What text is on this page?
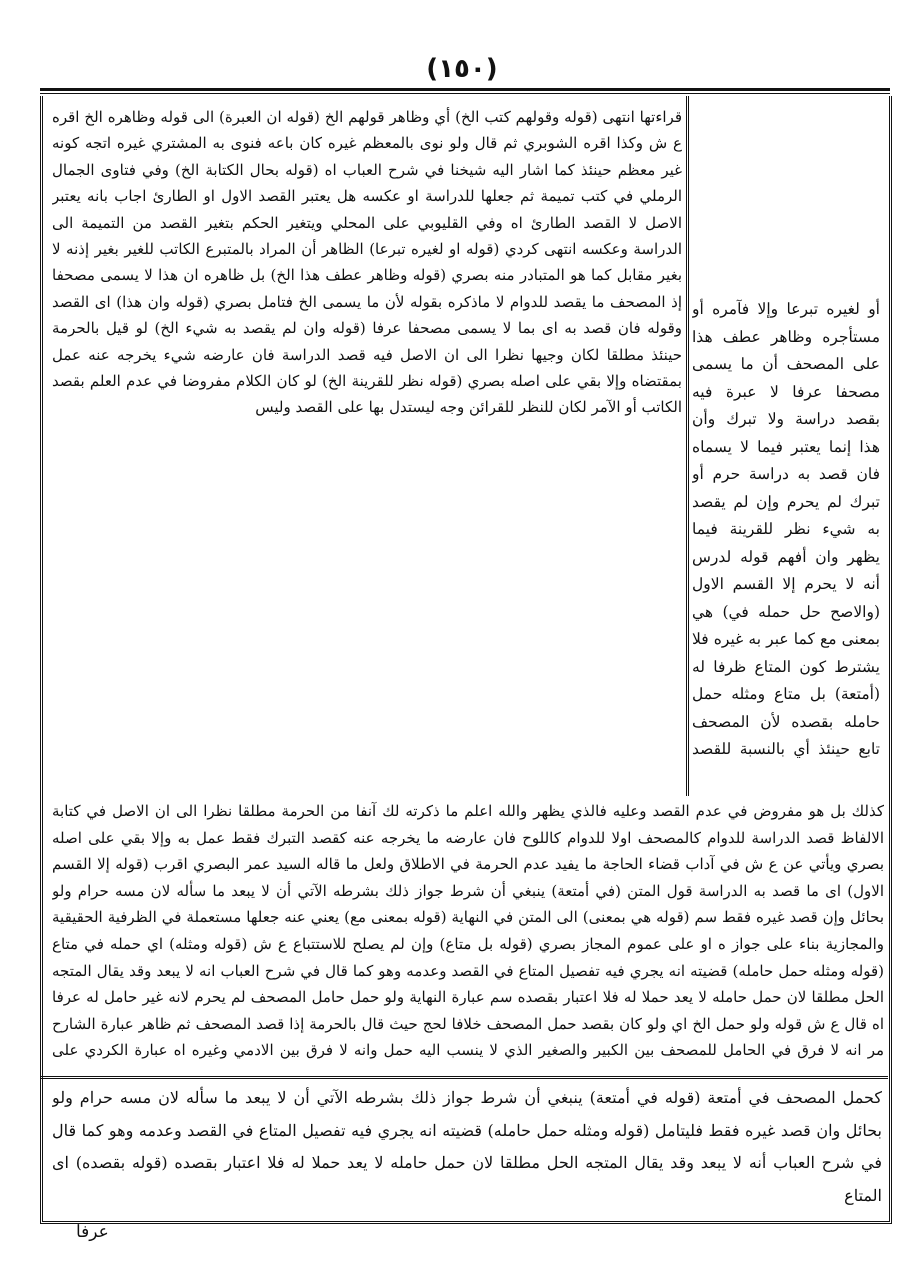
(١٥٠)
قراءتها انتهى (قوله وقولهم كتب الخ) أي وظاهر قولهم الخ (قوله ان العبرة) الى قوله وظاهره الخ اقره ع ش وكذا اقره الشوبري ثم قال ولو نوى بالمعظم غيره كان باعه فنوى به المشتري غيره اتجه كونه غير معظم حينئذ كما اشار اليه شيخنا في شرح العباب اه (قوله بحال الكتابة الخ) وفي فتاوى الجمال الرملي في كتب تميمة ثم جعلها للدراسة او عكسه هل يعتبر القصد الاول او الطارئ اجاب بانه يعتبر الاصل لا القصد الطارئ اه وفي القليوبي على المحلي ويتغير الحكم بتغير القصد من التميمة الى الدراسة وعكسه انتهى كردي (قوله او لغيره تبرعا) الظاهر أن المراد بالمتبرع الكاتب للغير بغير إذنه لا بغير مقابل كما هو المتبادر منه بصري (قوله وظاهر عطف هذا الخ) بل ظاهره ان هذا لا يسمى مصحفا إذ المصحف ما يقصد للدوام لا ماذكره بقوله لأن ما يسمى الخ فتامل بصري (قوله وان هذا) اى القصد وقوله فان قصد به اى بما لا يسمى مصحفا عرفا (قوله وان لم يقصد به شيء الخ) لو قيل بالحرمة حينئذ مطلقا لكان وجيها نظرا الى ان الاصل فيه قصد الدراسة فان عارضه شيء يخرجه عنه عمل بمقتضاه وإلا بقي على اصله بصري (قوله نظر للقرينة الخ) لو كان الكلام مفروضا في عدم العلم بقصد الكاتب أو الآمر لكان للنظر للقرائن وجه ليستدل بها على القصد وليس
أو لغيره تبرعا وإلا فآمره أو مستأجره وظاهر عطف هذا على المصحف أن ما يسمى مصحفا عرفا لا عبرة فيه بقصد دراسة ولا تبرك وأن هذا إنما يعتبر فيما لا يسماه فان قصد به دراسة حرم أو تبرك لم يحرم وإن لم يقصد به شيء نظر للقرينة فيما يظهر وان أفهم قوله لدرس أنه لا يحرم إلا القسم الاول (والاصح حل حمله في) هي بمعنى مع كما عبر به غيره فلا يشترط كون المتاع ظرفا له (أمتعة) بل متاع ومثله حمل حامله بقصده لأن المصحف تابع حينئذ أي بالنسبة للقصد
كذلك بل هو مفروض في عدم القصد وعليه فالذي يظهر والله اعلم ما ذكرته لك آنفا من الحرمة مطلقا نظرا الى ان الاصل في كتابة الالفاظ قصد الدراسة للدوام كالمصحف اولا للدوام كاللوح فان عارضه ما يخرجه عنه كقصد التبرك فقط عمل به وإلا بقي على اصله بصري ويأتي عن ع ش في آداب قضاء الحاجة ما يفيد عدم الحرمة في الاطلاق ولعل ما قاله السيد عمر البصري اقرب (قوله إلا القسم الاول) اى ما قصد به الدراسة قول المتن (في أمتعة) ينبغي أن شرط جواز ذلك بشرطه الآتي أن لا يبعد ما سأله لان مسه حرام ولو بحائل وإن قصد غيره فقط سم (قوله هي بمعنى) الى المتن في النهاية (قوله بمعنى مع) يعني عنه جعلها مستعملة في الظرفية الحقيقية والمجازية بناء على جواز ه او على عموم المجاز بصري (قوله بل متاع) وإن لم يصلح للاستتباع ع ش (قوله ومثله) اي حمله في متاع (قوله ومثله حمل حامله) قضيته انه يجري فيه تفصيل المتاع في القصد وعدمه وهو كما قال في شرح العباب انه لا يبعد وقد يقال المتجه الحل مطلقا لان حمل حامله لا يعد حملا له فلا اعتبار بقصده سم عبارة النهاية ولو حمل حامل المصحف لم يحرم لانه غير حامل له عرفا اه قال ع ش قوله ولو حمل الخ اي ولو كان بقصد حمل المصحف خلافا لحج حيث قال بالحرمة إذا قصد المصحف ثم ظاهر عبارة الشارح مر انه لا فرق في الحامل للمصحف بين الكبير والصغير الذي لا ينسب اليه حمل وانه لا فرق بين الادمي وغيره اه عبارة الكردي على
كحمل المصحف في أمتعة (قوله في أمتعة) ينبغي أن شرط جواز ذلك بشرطه الآتي أن لا يبعد ما سأله لان مسه حرام ولو بحائل وان قصد غيره فقط فليتامل (قوله ومثله حمل حامله) قضيته انه يجري فيه تفصيل المتاع في القصد وعدمه وهو كما قال في شرح العباب أنه لا يبعد وقد يقال المتجه الحل مطلقا لان حمل حامله لا يعد حملا له فلا اعتبار بقصده (قوله بقصده) اى المتاع
عرفا
